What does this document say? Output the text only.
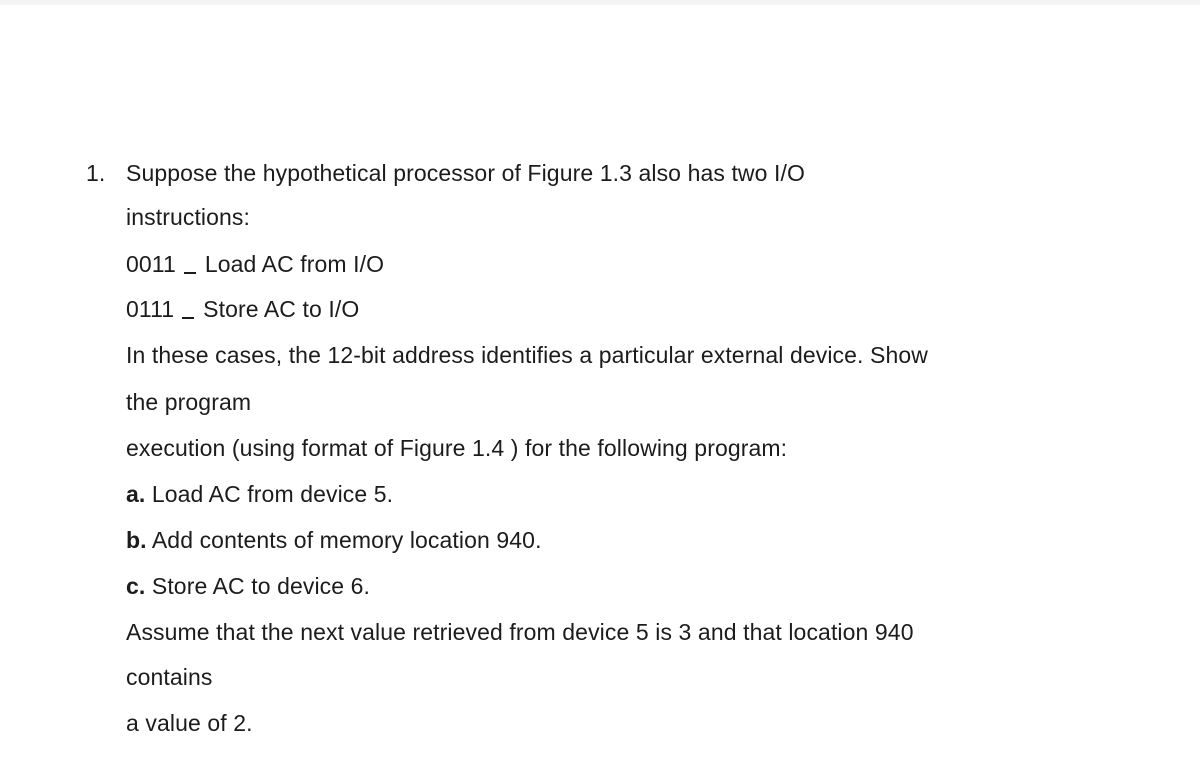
1. Suppose the hypothetical processor of Figure 1.3 also has two I/O
instructions:
0011 Load AC from I/O
0111 Store AC to I/O
In these cases, the 12-bit address identifies a particular external device. Show
the program
execution (using format of Figure 1.4 ) for the following program:
a. Load AC from device 5.
b. Add contents of memory location 940.
c. Store AC to device 6.
Assume that the next value retrieved from device 5 is 3 and that location 940
contains
a value of 2.
